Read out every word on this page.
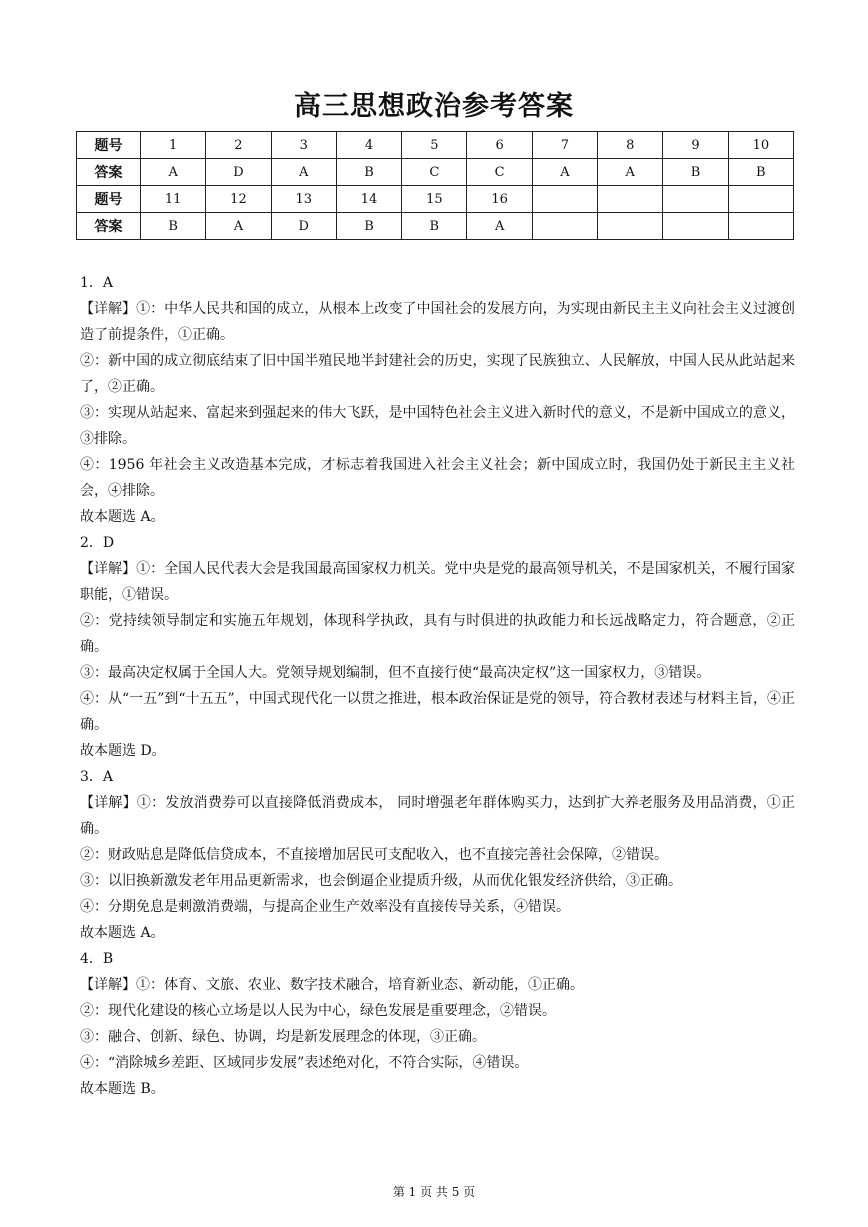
高三思想政治参考答案
题号	1	2	3	4	5	6	7	8	9	10
答案	A	D	A	B	C	C	A	A	B	B
题号	11	12	13	14	15	16				
答案	B	A	D	B	B	A				
1．A
【详解】①：中华人民共和国的成立，从根本上改变了中国社会的发展方向，为实现由新民主主义向社会主义过渡创造了前提条件，①正确。
②：新中国的成立彻底结束了旧中国半殖民地半封建社会的历史，实现了民族独立、人民解放，中国人民从此站起来了，②正确。
③：实现从站起来、富起来到强起来的伟大飞跃，是中国特色社会主义进入新时代的意义，不是新中国成立的意义，③排除。
④：1956 年社会主义改造基本完成，才标志着我国进入社会主义社会；新中国成立时，我国仍处于新民主主义社会，④排除。
故本题选 A。
2．D
【详解】①：全国人民代表大会是我国最高国家权力机关。党中央是党的最高领导机关，不是国家机关，不履行国家职能，①错误。
②：党持续领导制定和实施五年规划，体现科学执政，具有与时俱进的执政能力和长远战略定力，符合题意，②正确。
③：最高决定权属于全国人大。党领导规划编制，但不直接行使“最高决定权”这一国家权力，③错误。
④：从“一五”到“十五五”，中国式现代化一以贯之推进，根本政治保证是党的领导，符合教材表述与材料主旨，④正确。
故本题选 D。
3．A
【详解】①：发放消费券可以直接降低消费成本， 同时增强老年群体购买力，达到扩大养老服务及用品消费，①正确。
②：财政贴息是降低信贷成本，不直接增加居民可支配收入，也不直接完善社会保障，②错误。
③：以旧换新激发老年用品更新需求，也会倒逼企业提质升级，从而优化银发经济供给，③正确。
④：分期免息是刺激消费端，与提高企业生产效率没有直接传导关系，④错误。
故本题选 A。
4．B
【详解】①：体育、文旅、农业、数字技术融合，培育新业态、新动能，①正确。
②：现代化建设的核心立场是以人民为中心，绿色发展是重要理念，②错误。
③：融合、创新、绿色、协调，均是新发展理念的体现，③正确。
④：“消除城乡差距、区域同步发展”表述绝对化，不符合实际，④错误。
故本题选 B。
第 1 页 共 5 页
